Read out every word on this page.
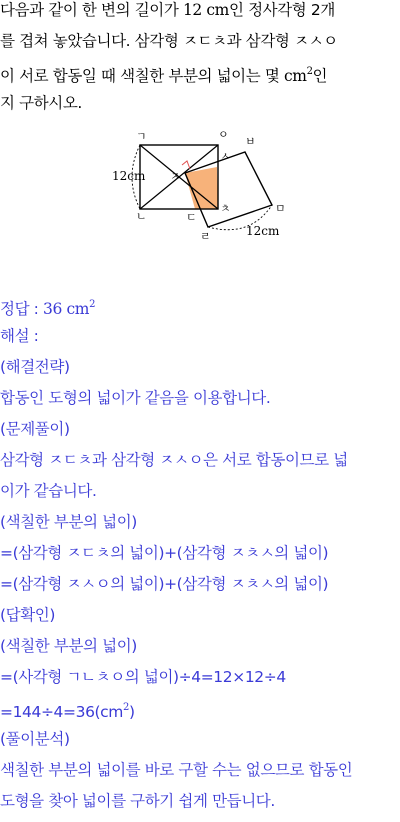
다음과 같이 한 변의 길이가 12 cm인 정사각형 2개
를 겹쳐 놓았습니다. 삼각형 ㅈㄷㅊ과 삼각형 ㅈㅅㅇ
이 서로 합동일 때 색칠한 부분의 넓이는 몇 $cm^2$인
지 구하시오.
ㄱ	ㅇ
ㅂ
ㅅ
ㅈ
ㄴ	ㄷ
ㅊ	ㅁ
ㄹ
12cm
12cm
정답 : 36 $cm^2$
해설 :
(해결전략)
합동인 도형의 넓이가 같음을 이용합니다.
(문제풀이)
삼각형 ㅈㄷㅊ과 삼각형 ㅈㅅㅇ은 서로 합동이므로 넓
이가 같습니다.
(색칠한 부분의 넓이)
=(삼각형 ㅈㄷㅊ의 넓이)+(삼각형 ㅈㅊㅅ의 넓이)
=(삼각형 ㅈㅅㅇ의 넓이)+(삼각형 ㅈㅊㅅ의 넓이)
(답확인)
(색칠한 부분의 넓이)
=(사각형 ㄱㄴㅊㅇ의 넓이)÷4=12×12÷4
$=144\div 4=36(cm^2)$
(풀이분석)
색칠한 부분의 넓이를 바로 구할 수는 없으므로 합동인
도형을 찾아 넓이를 구하기 쉽게 만듭니다.
